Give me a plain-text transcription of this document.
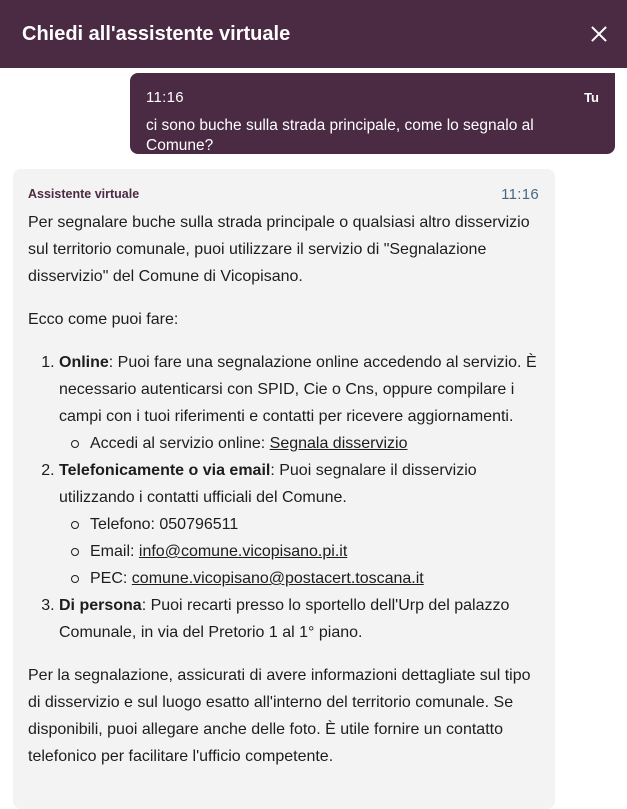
Chiedi all'assistente virtuale
11:16	Tu
ci sono buche sulla strada principale, come lo segnalo al Comune?
Assistente virtuale	11:16

Per segnalare buche sulla strada principale o qualsiasi altro disservizio sul territorio comunale, puoi utilizzare il servizio di "Segnalazione disservizio" del Comune di Vicopisano.

Ecco come puoi fare:

1. Online: Puoi fare una segnalazione online accedendo al servizio. È necessario autenticarsi con SPID, Cie o Cns, oppure compilare i campi con i tuoi riferimenti e contatti per ricevere aggiornamenti.
Accedi al servizio online: Segnala disservizio
2. Telefonicamente o via email: Puoi segnalare il disservizio utilizzando i contatti ufficiali del Comune.
Telefono: 050796511
Email: info@comune.vicopisano.pi.it
PEC: comune.vicopisano@postacert.toscana.it
3. Di persona: Puoi recarti presso lo sportello dell'Urp del palazzo Comunale, in via del Pretorio 1 al 1° piano.

Per la segnalazione, assicurati di avere informazioni dettagliate sul tipo di disservizio e sul luogo esatto all'interno del territorio comunale. Se disponibili, puoi allegare anche delle foto. È utile fornire un contatto telefonico per facilitare l'ufficio competente.
